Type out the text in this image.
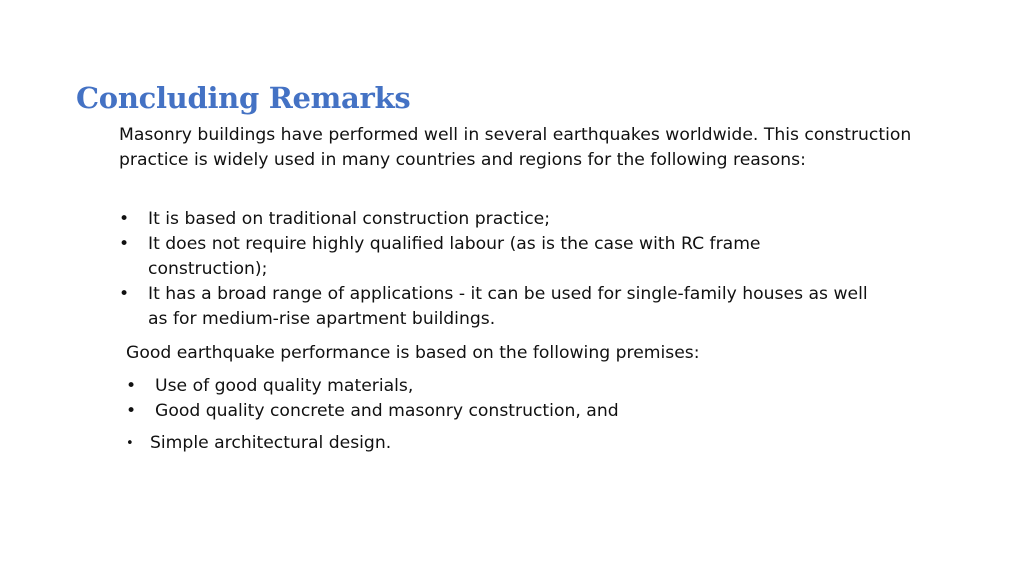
Concluding Remarks

Masonry buildings have performed well in several earthquakes worldwide. This construction practice is widely used in many countries and regions for the following reasons:

• It is based on traditional construction practice;
• It does not require highly qualified labour (as is the case with RC frame construction);
• It has a broad range of applications - it can be used for single-family houses as well as for medium-rise apartment buildings.

Good earthquake performance is based on the following premises:

• Use of good quality materials,
• Good quality concrete and masonry construction, and
• Simple architectural design.
